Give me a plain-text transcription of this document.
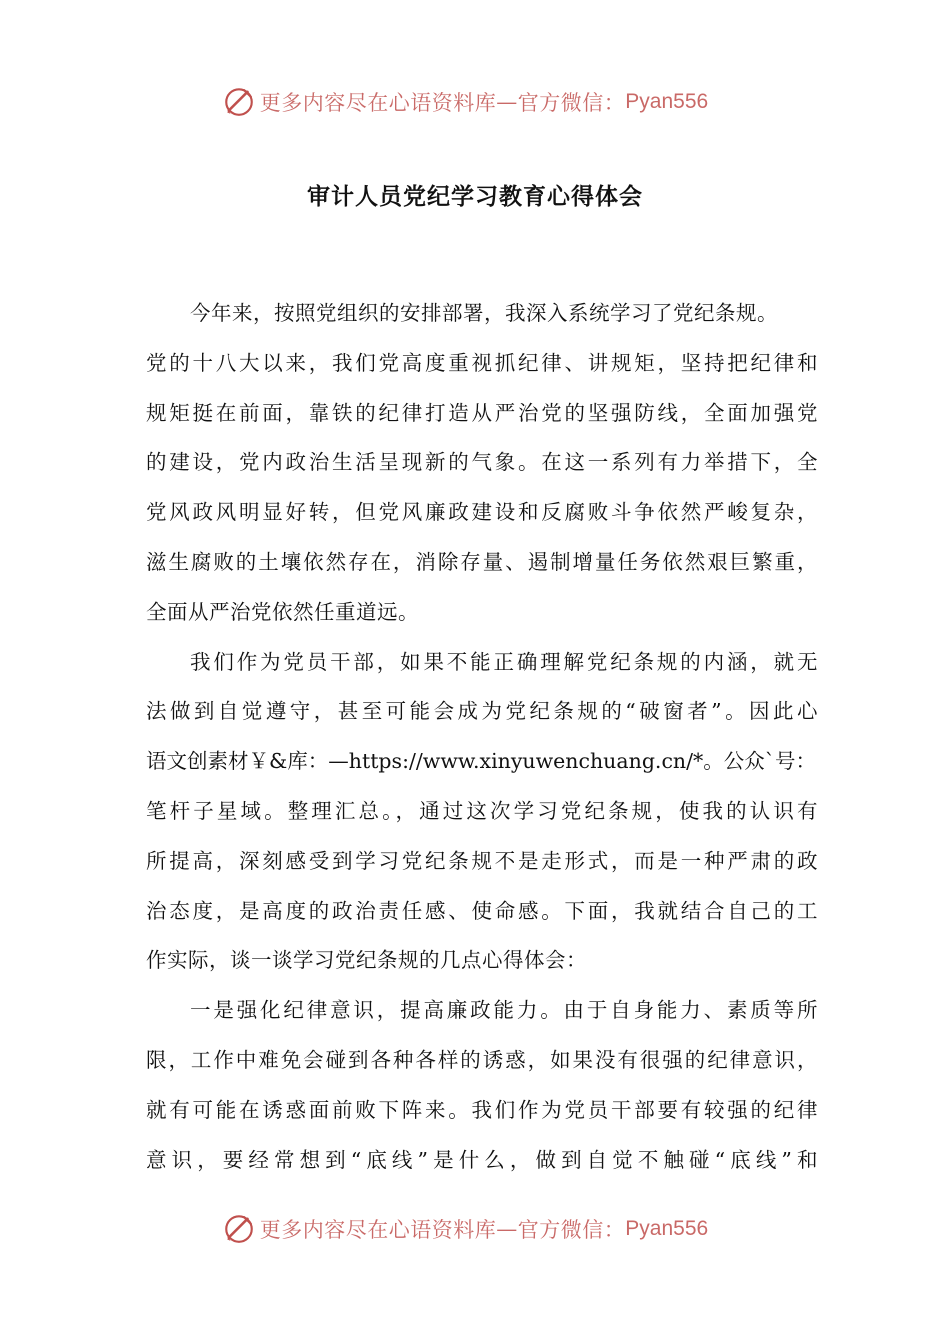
更多内容尽在心语资料库 — 官方微信： Pyan556
审计人员党纪学习教育心得体会
今年来，按照党组织的安排部署，我深入系统学习了党纪条规。
党的十八大以来，我们党高度重视抓纪律、讲规矩，坚持把纪律和
规矩挺在前面，靠铁的纪律打造从严治党的坚强防线，全面加强党
的建设，党内政治生活呈现新的气象。在这一系列有力举措下，全
党风政风明显好转，但党风廉政建设和反腐败斗争依然严峻复杂，
滋生腐败的土壤依然存在，消除存量、遏制增量任务依然艰巨繁重，
全面从严治党依然任重道远。
我们作为党员干部，如果不能正确理解党纪条规的内涵，就无
法做到自觉遵守，甚至可能会成为党纪条规的“破窗者”。因此心
语文创素材￥&库：—https://www.xinyuwenchuang.cn/*。公众`号：
笔杆子星域。整理汇总。，通过这次学习党纪条规，使我的认识有
所提高，深刻感受到学习党纪条规不是走形式，而是一种严肃的政
治态度，是高度的政治责任感、使命感。下面，我就结合自己的工
作实际，谈一谈学习党纪条规的几点心得体会：
一是强化纪律意识，提高廉政能力。由于自身能力、素质等所
限，工作中难免会碰到各种各样的诱惑，如果没有很强的纪律意识，
就有可能在诱惑面前败下阵来。我们作为党员干部要有较强的纪律
意识，要经常想到“底线”是什么，做到自觉不触碰“底线”和
更多内容尽在心语资料库 — 官方微信： Pyan556
